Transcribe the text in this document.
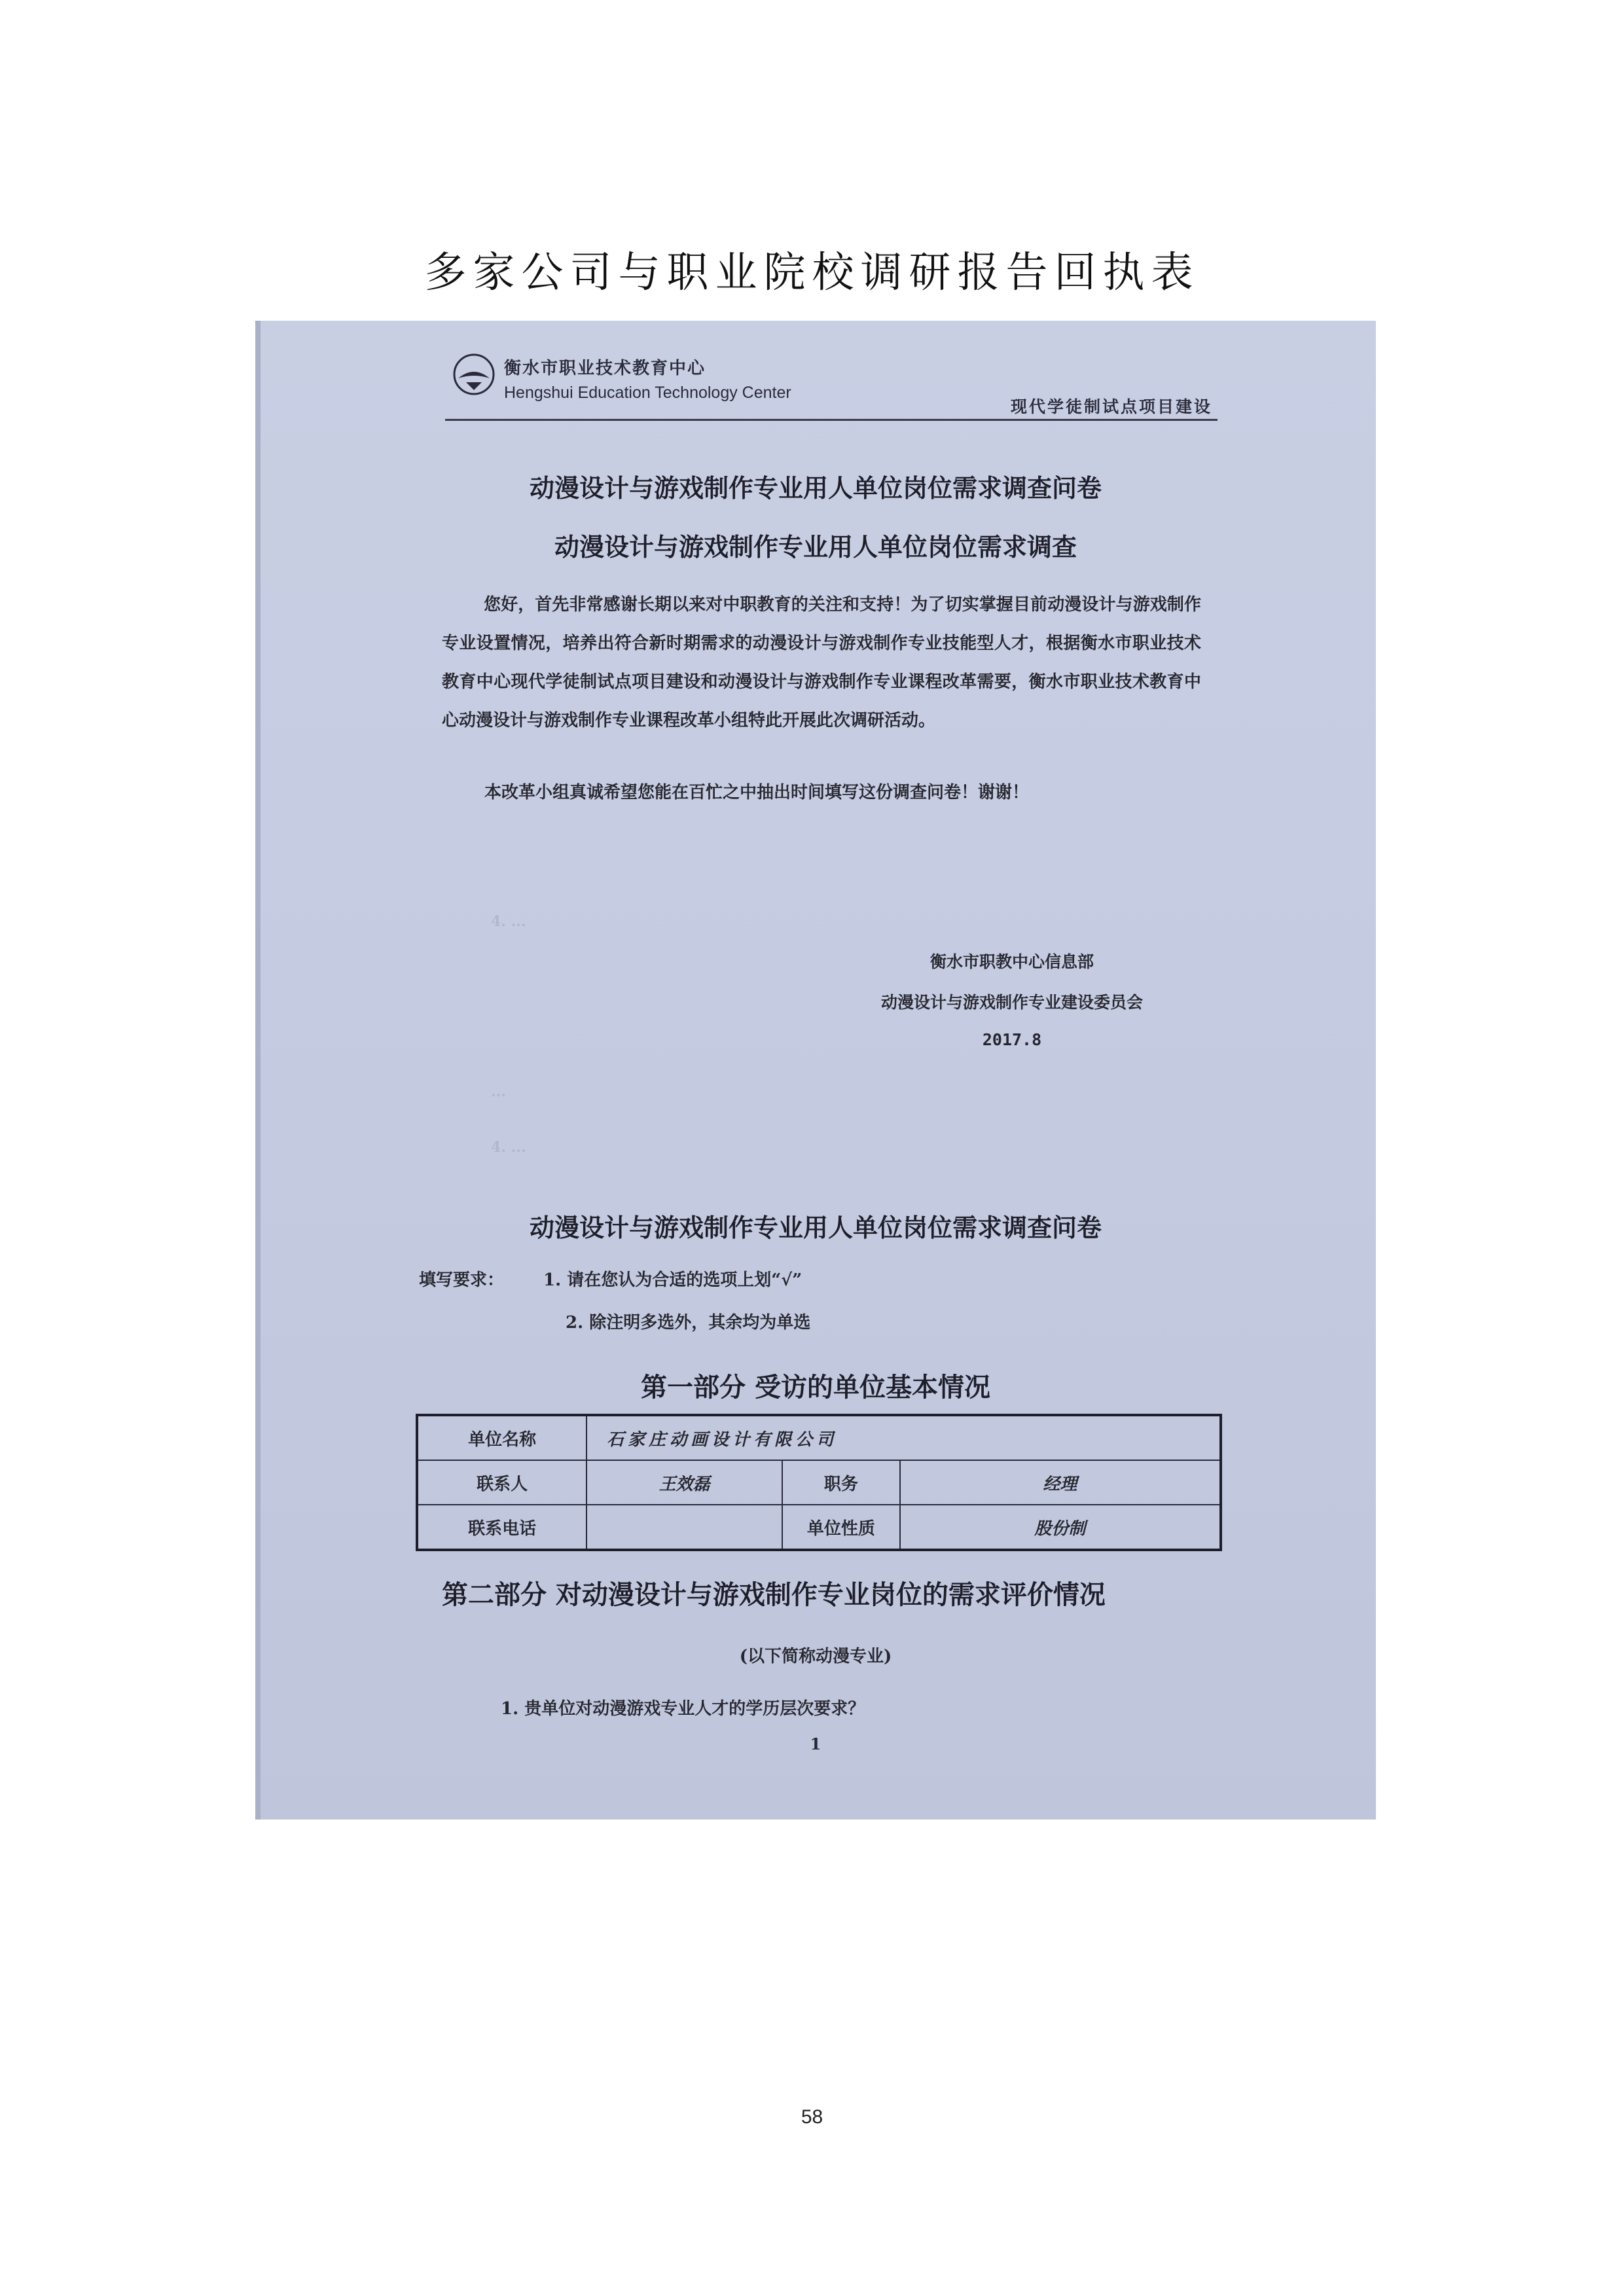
多家公司与职业院校调研报告回执表
衡水市职业技术教育中心
Hengshui Education Technology Center
现代学徒制试点项目建设
动漫设计与游戏制作专业用人单位岗位需求调查问卷
动漫设计与游戏制作专业用人单位岗位需求调查
您好，首先非常感谢长期以来对中职教育的关注和支持！为了切实掌握目前动漫设计与游戏制作专业设置情况，培养出符合新时期需求的动漫设计与游戏制作专业技能型人才，根据衡水市职业技术教育中心现代学徒制试点项目建设和动漫设计与游戏制作专业课程改革需要，衡水市职业技术教育中心动漫设计与游戏制作专业课程改革小组特此开展此次调研活动。
本改革小组真诚希望您能在百忙之中抽出时间填写这份调查问卷！谢谢！
4. ...
...
4. ...
衡水市职教中心信息部
动漫设计与游戏制作专业建设委员会
2017.8
动漫设计与游戏制作专业用人单位岗位需求调查问卷
填写要求： 1. 请在您认为合适的选项上划“√”
2. 除注明多选外，其余均为单选
第一部分 受访的单位基本情况
单位名称	石家庄动画设计有限公司		
联系人	王效磊	职务	经理
联系电话		单位性质	股份制
第二部分 对动漫设计与游戏制作专业岗位的需求评价情况
(以下简称动漫专业)
1. 贵单位对动漫游戏专业人才的学历层次要求？
1
58
